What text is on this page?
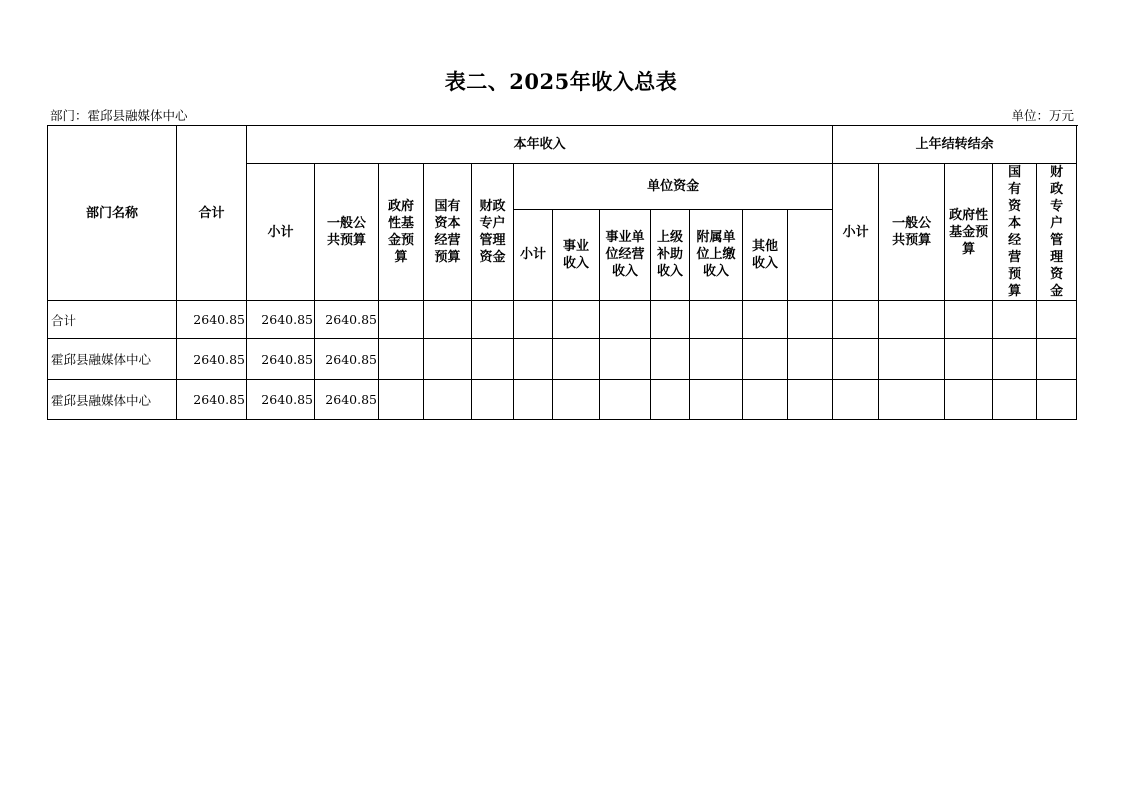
表二、2025年收入总表
部门：霍邱县融媒体中心	单位：万元
部门名称	合计	本年收入												上年结转结余					
		小计	一般公共预算	政府性基金预算	国有资本经营预算	财政专户管理资金	单位资金							小计	一般公共预算	政府性基金预算	国有资本经营预算	财政专户管理资金	
							小计	事业收入	事业单位经营收入	上级补助收入	附属单位上缴收入	其他收入							
合计	2640.85	2640.85	2640.85																
霍邱县融媒体中心	2640.85	2640.85	2640.85																
霍邱县融媒体中心	2640.85	2640.85	2640.85																
